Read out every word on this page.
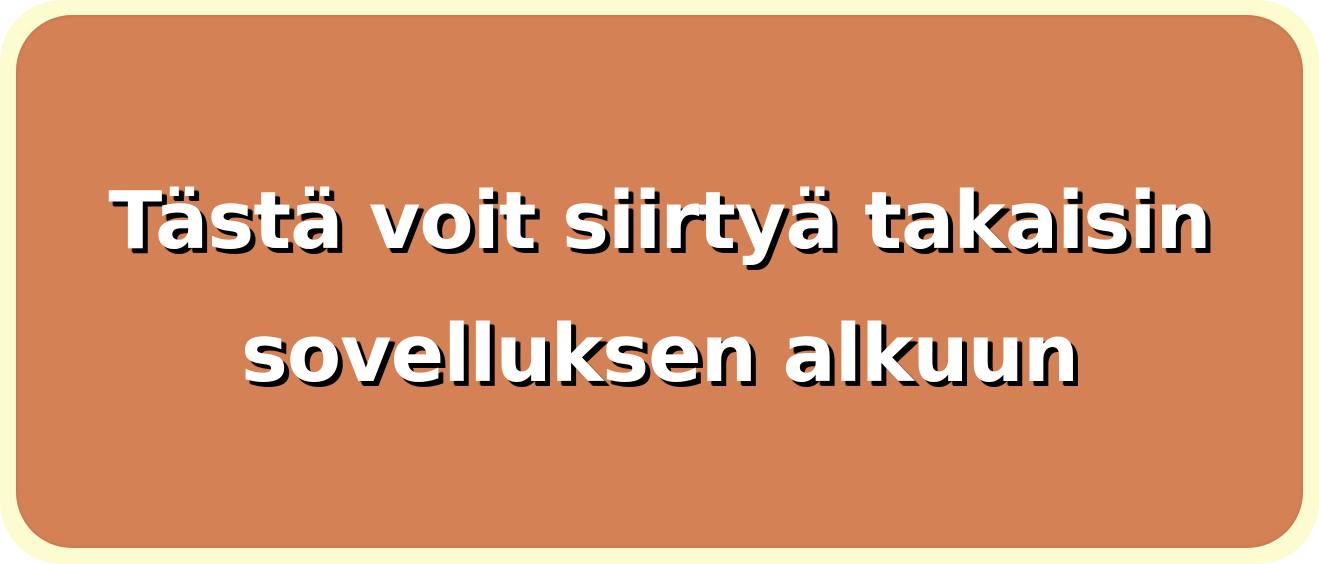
Tästä voit siirtyä takaisin
sovelluksen alkuun
